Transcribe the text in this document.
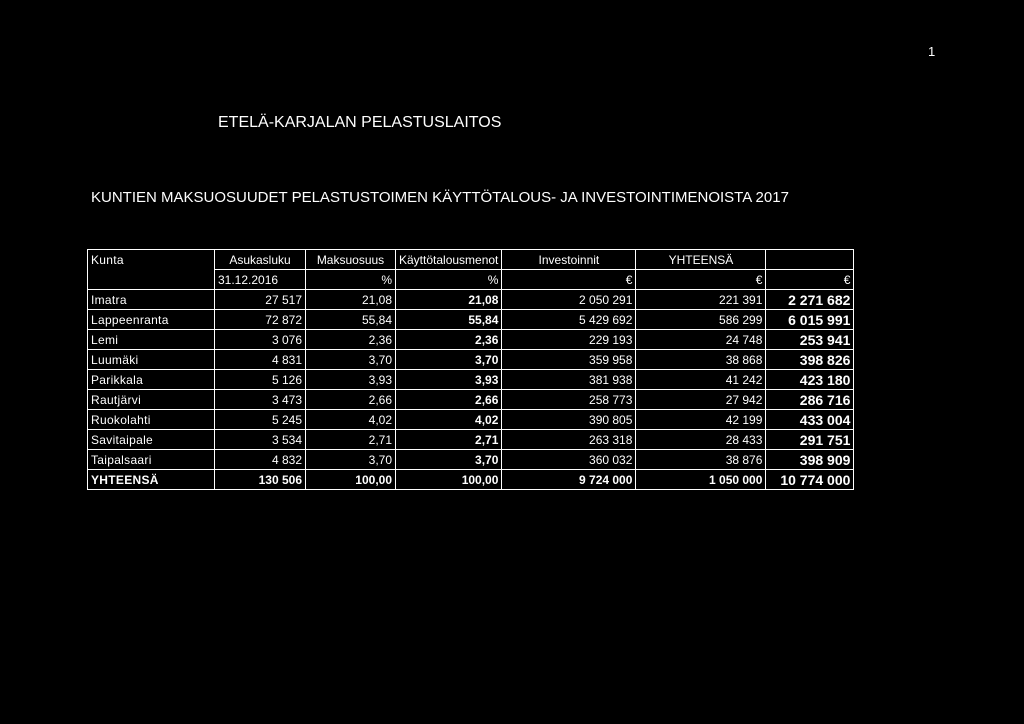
1
ETELÄ-KARJALAN PELASTUSLAITOS
KUNTIEN MAKSUOSUUDET PELASTUSTOIMEN KÄYTTÖTALOUS- JA INVESTOINTIMENOISTA 2017
Kunta	Asukasluku	Maksuosuus	Käyttötalousmenot	Investoinnit	YHTEENSÄ	
	31.12.2016	%	%	€	€	€
Imatra	27 517	21,08	21,08	2 050 291	221 391	2 271 682
Lappeenranta	72 872	55,84	55,84	5 429 692	586 299	6 015 991
Lemi	3 076	2,36	2,36	229 193	24 748	253 941
Luumäki	4 831	3,70	3,70	359 958	38 868	398 826
Parikkala	5 126	3,93	3,93	381 938	41 242	423 180
Rautjärvi	3 473	2,66	2,66	258 773	27 942	286 716
Ruokolahti	5 245	4,02	4,02	390 805	42 199	433 004
Savitaipale	3 534	2,71	2,71	263 318	28 433	291 751
Taipalsaari	4 832	3,70	3,70	360 032	38 876	398 909
YHTEENSÄ	130 506	100,00	100,00	9 724 000	1 050 000	10 774 000
